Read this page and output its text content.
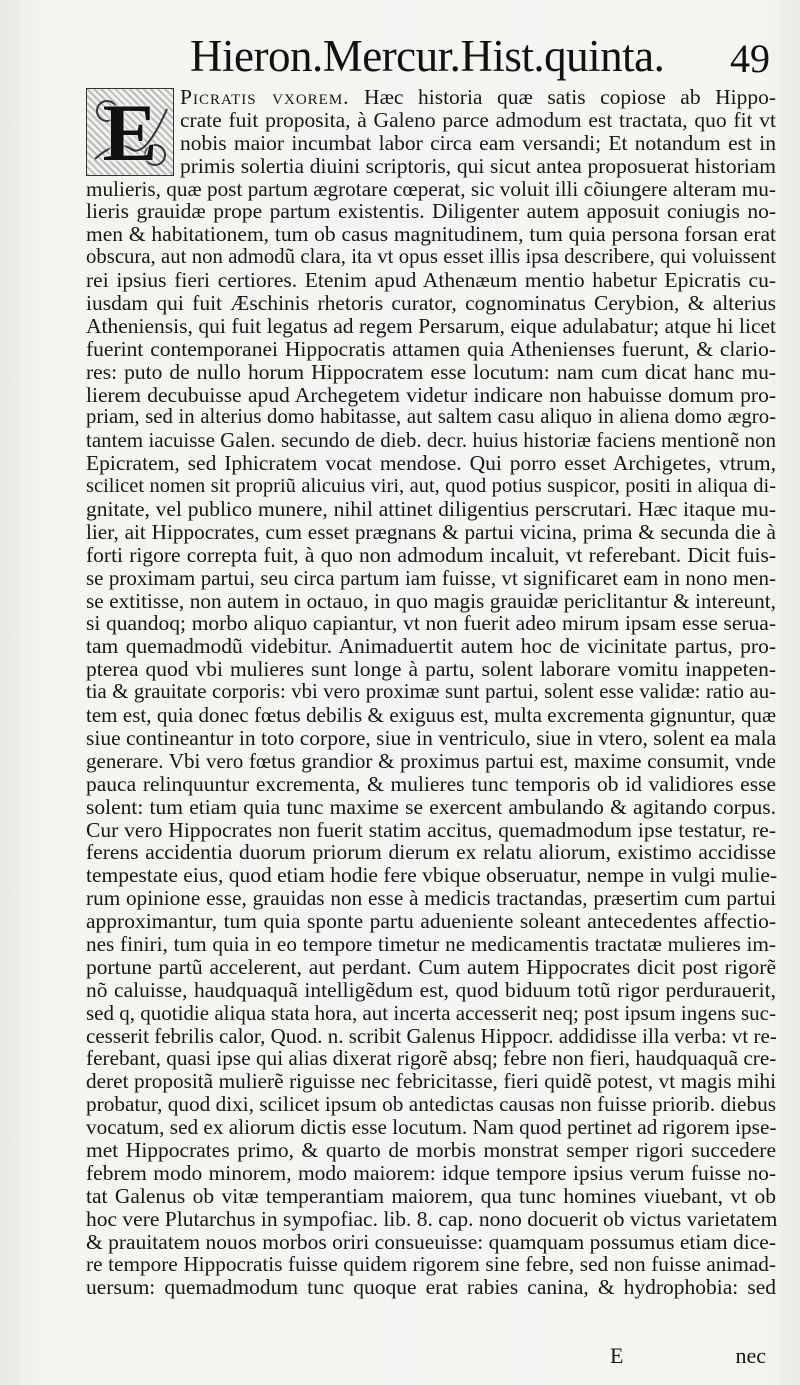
Hieron.Mercur.Hist.quinta. 49
E	Picratis vxorem. Hæc historia quæ satis copiose ab Hippo-
crate fuit proposita, à Galeno parce admodum est tractata, quo fit vt
nobis maior incumbat labor circa eam versandi; Et notandum est in
primis solertia diuini scriptoris, qui sicut antea proposuerat historiam
mulieris, quæ post partum ægrotare cœperat, sic voluit illi cõiungere alteram mu-
lieris grauidæ prope partum existentis. Diligenter autem apposuit coniugis no-
men & habitationem, tum ob casus magnitudinem, tum quia persona forsan erat
obscura, aut non admodũ clara, ita vt opus esset illis ipsa describere, qui voluissent
rei ipsius fieri certiores. Etenim apud Athenæum mentio habetur Epicratis cu-
iusdam qui fuit Æschinis rhetoris curator, cognominatus Cerybion, & alterius
Atheniensis, qui fuit legatus ad regem Persarum, eique adulabatur; atque hi licet
fuerint contemporanei Hippocratis attamen quia Athenienses fuerunt, & clario-
res: puto de nullo horum Hippocratem esse locutum: nam cum dicat hanc mu-
lierem decubuisse apud Archegetem videtur indicare non habuisse domum pro-
priam, sed in alterius domo habitasse, aut saltem casu aliquo in aliena domo ægro-
tantem iacuisse Galen. secundo de dieb. decr. huius historiæ faciens mentionẽ non
Epicratem, sed Iphicratem vocat mendose. Qui porro esset Archigetes, vtrum,
scilicet nomen sit propriũ alicuius viri, aut, quod potius suspicor, positi in aliqua di-
gnitate, vel publico munere, nihil attinet diligentius perscrutari. Hæc itaque mu-
lier, ait Hippocrates, cum esset prægnans & partui vicina, prima & secunda die à
forti rigore correpta fuit, à quo non admodum incaluit, vt referebant. Dicit fuis-
se proximam partui, seu circa partum iam fuisse, vt significaret eam in nono men-
se extitisse, non autem in octauo, in quo magis grauidæ periclitantur & intereunt,
si quandoq; morbo aliquo capiantur, vt non fuerit adeo mirum ipsam esse serua-
tam quemadmodũ videbitur. Animaduertit autem hoc de vicinitate partus, pro-
pterea quod vbi mulieres sunt longe à partu, solent laborare vomitu inappeten-
tia & grauitate corporis: vbi vero proximæ sunt partui, solent esse validæ: ratio au-
tem est, quia donec fœtus debilis & exiguus est, multa excrementa gignuntur, quæ
siue contineantur in toto corpore, siue in ventriculo, siue in vtero, solent ea mala
generare. Vbi vero fœtus grandior & proximus partui est, maxime consumit, vnde
pauca relinquuntur excrementa, & mulieres tunc temporis ob id validiores esse
solent: tum etiam quia tunc maxime se exercent ambulando & agitando corpus.
Cur vero Hippocrates non fuerit statim accitus, quemadmodum ipse testatur, re-
ferens accidentia duorum priorum dierum ex relatu aliorum, existimo accidisse
tempestate eius, quod etiam hodie fere vbique obseruatur, nempe in vulgi mulie-
rum opinione esse, grauidas non esse à medicis tractandas, præsertim cum partui
approximantur, tum quia sponte partu adueniente soleant antecedentes affectio-
nes finiri, tum quia in eo tempore timetur ne medicamentis tractatæ mulieres im-
portune partũ accelerent, aut perdant. Cum autem Hippocrates dicit post rigorẽ
nõ caluisse, haudquaquã intelligẽdum est, quod biduum totũ rigor perdurauerit,
sed q, quotidie aliqua stata hora, aut incerta accesserit neq; post ipsum ingens suc-
cesserit febrilis calor, Quod. n. scribit Galenus Hippocr. addidisse illa verba: vt re-
ferebant, quasi ipse qui alias dixerat rigorẽ absq; febre non fieri, haudquaquã cre-
deret propositã mulierẽ riguisse nec febricitasse, fieri quidẽ potest, vt magis mihi
probatur, quod dixi, scilicet ipsum ob antedictas causas non fuisse priorib. diebus
vocatum, sed ex aliorum dictis esse locutum. Nam quod pertinet ad rigorem ipse-
met Hippocrates primo, & quarto de morbis monstrat semper rigori succedere
febrem modo minorem, modo maiorem: idque tempore ipsius verum fuisse no-
tat Galenus ob vitæ temperantiam maiorem, qua tunc homines viuebant, vt ob
hoc vere Plutarchus in sympofiac. lib. 8. cap. nono docuerit ob victus varietatem
& prauitatem nouos morbos oriri consueuisse: quamquam possumus etiam dice-
re tempore Hippocratis fuisse quidem rigorem sine febre, sed non fuisse animad-
uersum: quemadmodum tunc quoque erat rabies canina, & hydrophobia: sed
E	nec
